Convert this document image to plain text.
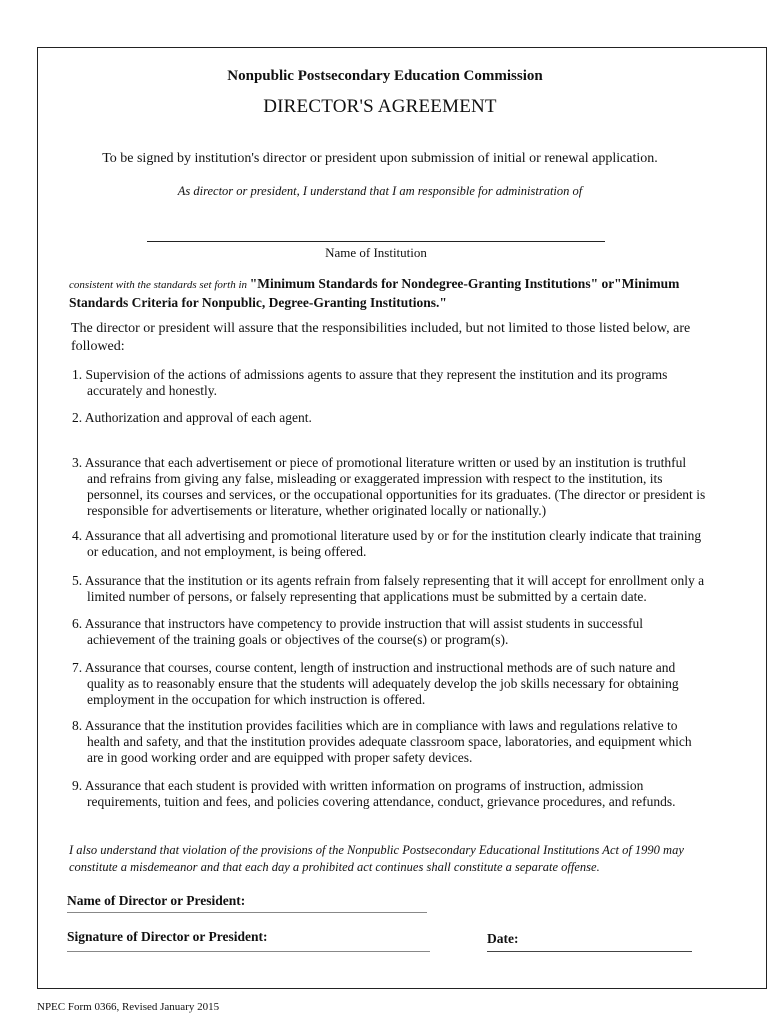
Nonpublic Postsecondary Education Commission
DIRECTOR'S AGREEMENT
To be signed by institution's director or president upon submission of initial or renewal application.
As director or president, I understand that I am responsible for administration of
Name of Institution
consistent with the standards set forth in "Minimum Standards for Nondegree-Granting Institutions" or"Minimum Standards Criteria for Nonpublic, Degree-Granting Institutions."
The director or president will assure that the responsibilities included, but not limited to those listed below, are followed:
1. Supervision of the actions of admissions agents to assure that they represent the institution and its programs accurately and honestly.
2. Authorization and approval of each agent.
3. Assurance that each advertisement or piece of promotional literature written or used by an institution is truthful and refrains from giving any false, misleading or exaggerated impression with respect to the institution, its personnel, its courses and services, or the occupational opportunities for its graduates. (The director or president is responsible for advertisements or literature, whether originated locally or nationally.)
4. Assurance that all advertising and promotional literature used by or for the institution clearly indicate that training or education, and not employment, is being offered.
5. Assurance that the institution or its agents refrain from falsely representing that it will accept for enrollment only a limited number of persons, or falsely representing that applications must be submitted by a certain date.
6. Assurance that instructors have competency to provide instruction that will assist students in successful achievement of the training goals or objectives of the course(s) or program(s).
7. Assurance that courses, course content, length of instruction and instructional methods are of such nature and quality as to reasonably ensure that the students will adequately develop the job skills necessary for obtaining employment in the occupation for which instruction is offered.
8. Assurance that the institution provides facilities which are in compliance with laws and regulations relative to health and safety, and that the institution provides adequate classroom space, laboratories, and equipment which are in good working order and are equipped with proper safety devices.
9. Assurance that each student is provided with written information on programs of instruction, admission requirements, tuition and fees, and policies covering attendance, conduct, grievance procedures, and refunds.
I also understand that violation of the provisions of the Nonpublic Postsecondary Educational Institutions Act of 1990 may constitute a misdemeanor and that each day a prohibited act continues shall constitute a separate offense.
Name of Director or President:
Signature of Director or President:	Date:
NPEC Form 0366, Revised January 2015
